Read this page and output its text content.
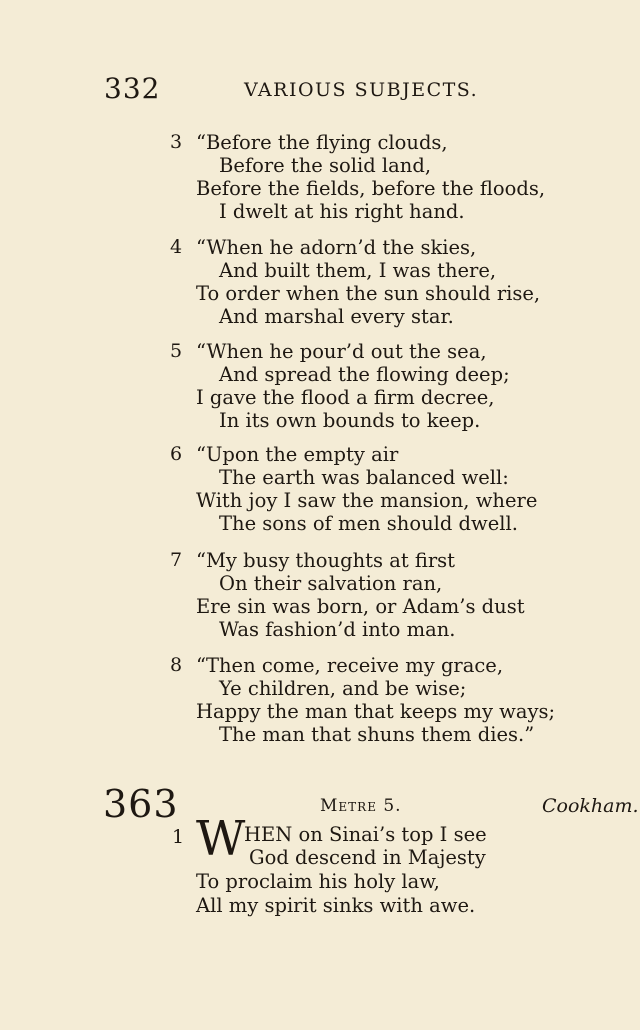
332	VARIOUS SUBJECTS.
3 “Before the flying clouds,
Before the solid land,
Before the fields, before the floods,
I dwelt at his right hand.
4 “When he adorn’d the skies,
And built them, I was there,
To order when the sun should rise,
And marshal every star.
5 “When he pour’d out the sea,
And spread the flowing deep;
I gave the flood a firm decree,
In its own bounds to keep.
6 “Upon the empty air
The earth was balanced well:
With joy I saw the mansion, where
The sons of men should dwell.
7 “My busy thoughts at first
On their salvation ran,
Ere sin was born, or Adam’s dust
Was fashion’d into man.
8 “Then come, receive my grace,
Ye children, and be wise;
Happy the man that keeps my ways;
The man that shuns them dies.”
363	Metre 5.	Cookham.
1 W
HEN on Sinai’s top I see
God descend in Majesty
To proclaim his holy law,
All my spirit sinks with awe.
